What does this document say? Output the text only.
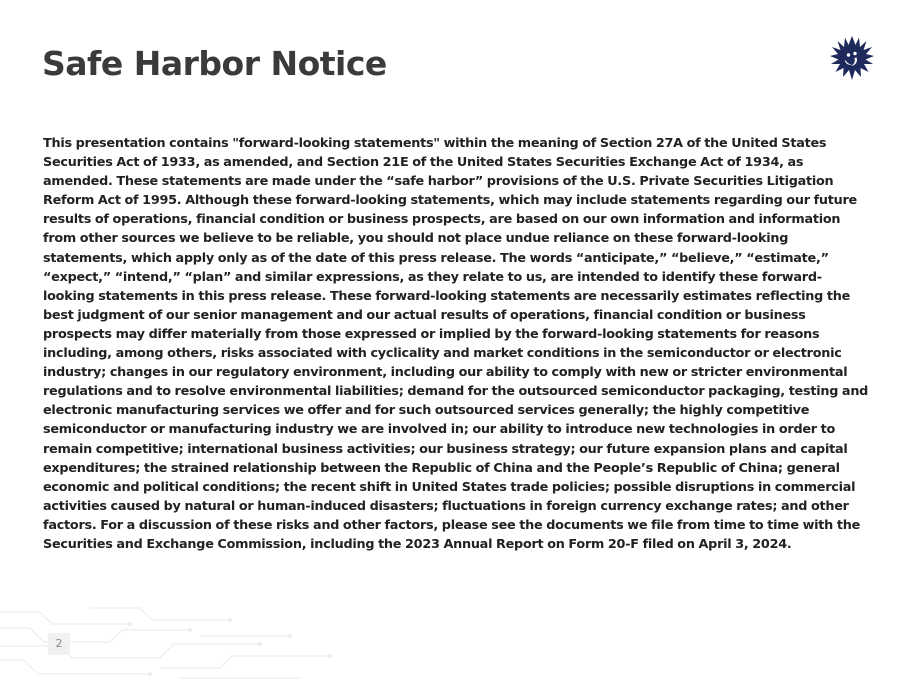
Safe Harbor Notice

This presentation contains "forward-looking statements" within the meaning of Section 27A of the United States Securities Act of 1933, as amended, and Section 21E of the United States Securities Exchange Act of 1934, as amended. These statements are made under the “safe harbor” provisions of the U.S. Private Securities Litigation Reform Act of 1995. Although these forward-looking statements, which may include statements regarding our future results of operations, financial condition or business prospects, are based on our own information and information from other sources we believe to be reliable, you should not place undue reliance on these forward-looking statements, which apply only as of the date of this press release. The words “anticipate,” “believe,” “estimate,” “expect,” “intend,” “plan” and similar expressions, as they relate to us, are intended to identify these forward-looking statements in this press release. These forward-looking statements are necessarily estimates reflecting the best judgment of our senior management and our actual results of operations, financial condition or business prospects may differ materially from those expressed or implied by the forward-looking statements for reasons including, among others, risks associated with cyclicality and market conditions in the semiconductor or electronic industry; changes in our regulatory environment, including our ability to comply with new or stricter environmental regulations and to resolve environmental liabilities; demand for the outsourced semiconductor packaging, testing and electronic manufacturing services we offer and for such outsourced services generally; the highly competitive semiconductor or manufacturing industry we are involved in; our ability to introduce new technologies in order to remain competitive; international business activities; our business strategy; our future expansion plans and capital expenditures; the strained relationship between the Republic of China and the People’s Republic of China; general economic and political conditions; the recent shift in United States trade policies; possible disruptions in commercial activities caused by natural or human-induced disasters; fluctuations in foreign currency exchange rates; and other factors. For a discussion of these risks and other factors, please see the documents we file from time to time with the Securities and Exchange Commission, including the 2023 Annual Report on Form 20-F filed on April 3, 2024.

2
